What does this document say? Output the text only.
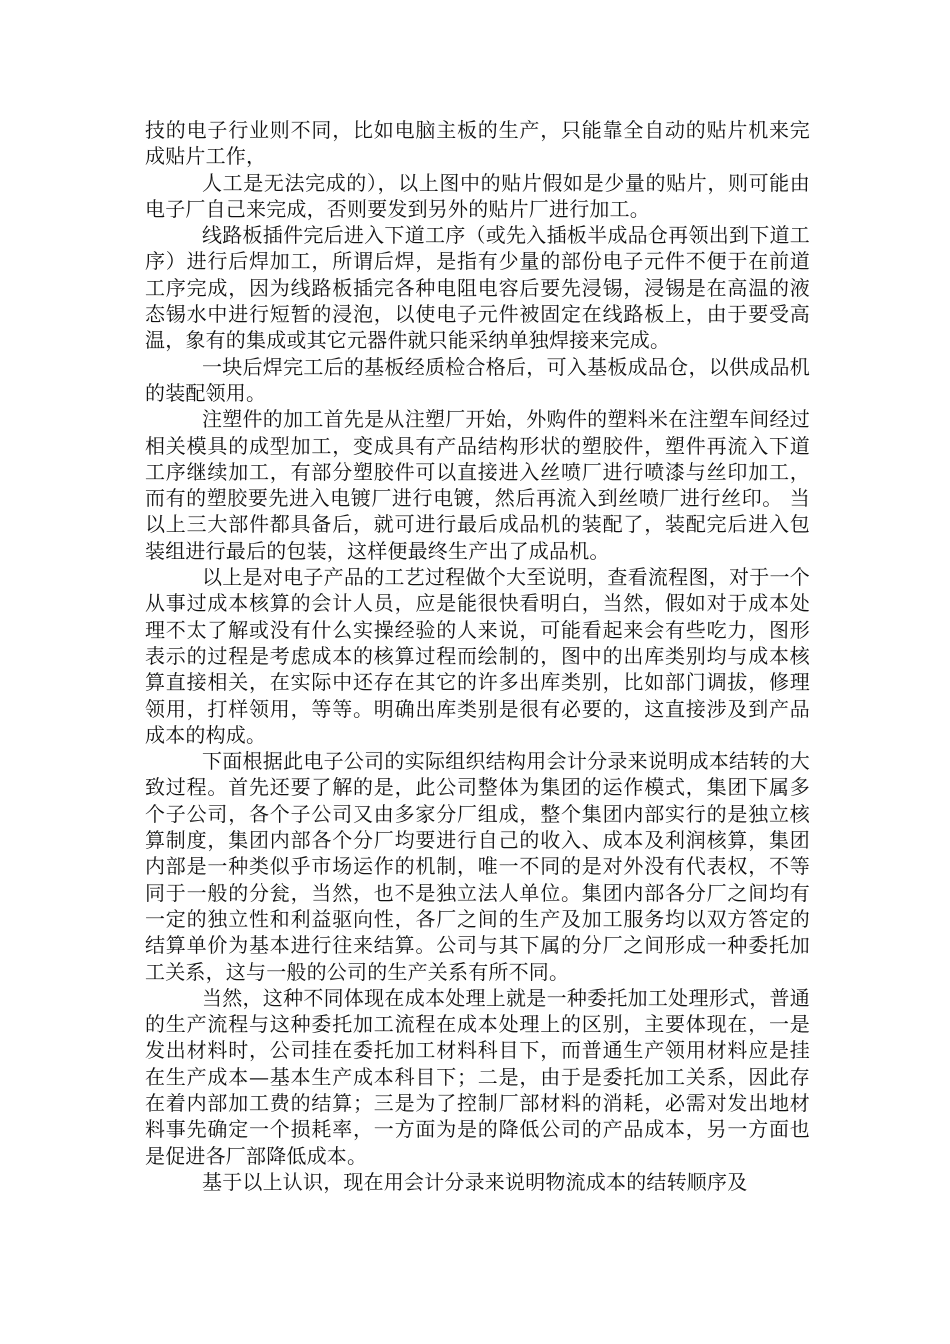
技的电子行业则不同，比如电脑主板的生产，只能靠全自动的贴片机来完成贴片工作，

人工是无法完成的），以上图中的贴片假如是少量的贴片，则可能由电子厂自己来完成，否则要发到另外的贴片厂进行加工。

线路板插件完后进入下道工序（或先入插板半成品仓再领出到下道工序）进行后焊加工，所谓后焊，是指有少量的部份电子元件不便于在前道工序完成，因为线路板插完各种电阻电容后要先浸锡，浸锡是在高温的液态锡水中进行短暂的浸泡，以使电子元件被固定在线路板上，由于要受高温，象有的集成或其它元器件就只能采纳单独焊接来完成。

一块后焊完工后的基板经质检合格后，可入基板成品仓，以供成品机的装配领用。

注塑件的加工首先是从注塑厂开始，外购件的塑料米在注塑车间经过相关模具的成型加工，变成具有产品结构形状的塑胶件，塑件再流入下道工序继续加工，有部分塑胶件可以直接进入丝喷厂进行喷漆与丝印加工，而有的塑胶要先进入电镀厂进行电镀，然后再流入到丝喷厂进行丝印。 当以上三大部件都具备后，就可进行最后成品机的装配了，装配完后进入包装组进行最后的包装，这样便最终生产出了成品机。

以上是对电子产品的工艺过程做个大至说明，查看流程图，对于一个从事过成本核算的会计人员，应是能很快看明白，当然，假如对于成本处理不太了解或没有什么实操经验的人来说，可能看起来会有些吃力，图形表示的过程是考虑成本的核算过程而绘制的，图中的出库类别均与成本核算直接相关，在实际中还存在其它的许多出库类别，比如部门调拔，修理领用，打样领用，等等。明确出库类别是很有必要的，这直接涉及到产品成本的构成。

下面根据此电子公司的实际组织结构用会计分录来说明成本结转的大致过程。首先还要了解的是，此公司整体为集团的运作模式，集团下属多个子公司，各个子公司又由多家分厂组成，整个集团内部实行的是独立核算制度，集团内部各个分厂均要进行自己的收入、成本及利润核算，集团内部是一种类似乎市场运作的机制，唯一不同的是对外没有代表权，不等同于一般的分瓮，当然，也不是独立法人单位。集团内部各分厂之间均有一定的独立性和利益驱向性，各厂之间的生产及加工服务均以双方答定的结算单价为基本进行往来结算。公司与其下属的分厂之间形成一种委托加工关系，这与一般的公司的生产关系有所不同。

当然，这种不同体现在成本处理上就是一种委托加工处理形式，普通的生产流程与这种委托加工流程在成本处理上的区别，主要体现在，一是发出材料时，公司挂在委托加工材料科目下，而普通生产领用材料应是挂在生产成本—基本生产成本科目下；二是，由于是委托加工关系，因此存在着内部加工费的结算；三是为了控制厂部材料的消耗，必需对发出地材料事先确定一个损耗率，一方面为是的降低公司的产品成本，另一方面也是促进各厂部降低成本。

基于以上认识，现在用会计分录来说明物流成本的结转顺序及
